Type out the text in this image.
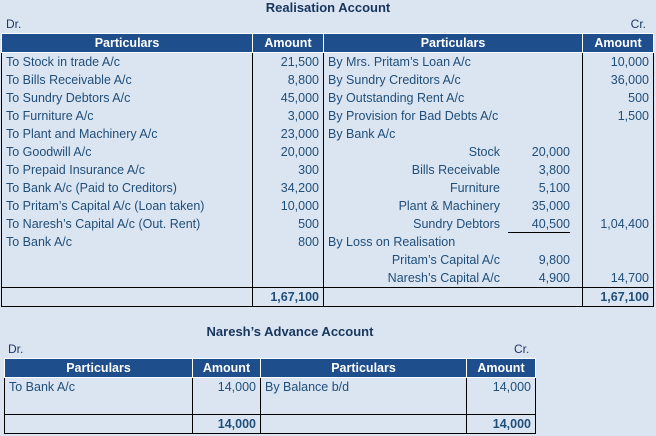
Realisation Account
Dr.	Cr.
Particulars	Amount	Particulars	Amount
To Stock in trade A/c	21,500	By Mrs. Pritam’s Loan A/c	10,000
To Bills Receivable A/c	8,800	By Sundry Creditors A/c	36,000
To Sundry Debtors A/c	45,000	By Outstanding Rent A/c	500
To Furniture A/c	3,000	By Provision for Bad Debts A/c	1,500
To Plant and Machinery A/c	23,000	By Bank A/c	
To Goodwill A/c	20,000	Stock 20,000	
To Prepaid Insurance A/c	300	Bills Receivable 3,800	
To Bank A/c (Paid to Creditors)	34,200	Furniture 5,100	
To Pritam’s Capital A/c (Loan taken)	10,000	Plant & Machinery 35,000	
To Naresh’s Capital A/c (Out. Rent)	500	Sundry Debtors 40,500	1,04,400
To Bank A/c	800	By Loss on Realisation	
		Pritam’s Capital A/c 9,800	
		Naresh’s Capital A/c 4,900	14,700
	1,67,100		1,67,100
Naresh’s Advance Account
Dr.	Cr.
Particulars	Amount	Particulars	Amount
To Bank A/c	14,000	By Balance b/d	14,000

	14,000		14,000
